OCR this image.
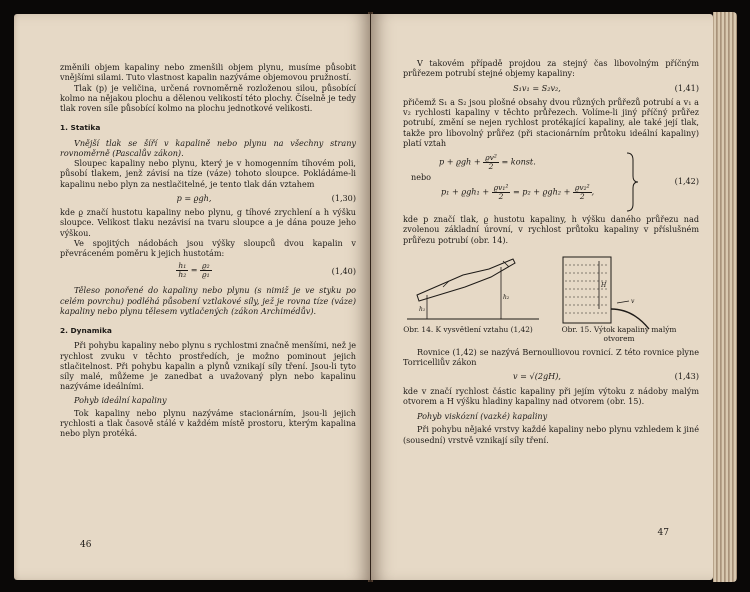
změnili objem kapaliny nebo zmenšili objem plynu, musíme působit vnějšími silami. Tuto vlastnost kapalin nazýváme objemovou pružností.

Tlak (p) je veličina, určená rovnoměrně rozloženou silou, působící kolmo na nějakou plochu a dělenou velikostí této plochy. Číselně je tedy tlak roven síle působící kolmo na plochu jednotkové velikosti.

1. Statika

Vnější tlak se šíří v kapalině nebo plynu na všechny strany rovnoměrně (Pascalův zákon).

Sloupec kapaliny nebo plynu, který je v homogenním tíhovém poli, působí tlakem, jenž závisí na tíze (váze) tohoto sloupce. Pokládáme-li kapalinu nebo plyn za nestlačitelné, je tento tlak dán vztahem

p = ϱgh,	(1,30)

kde ϱ značí hustotu kapaliny nebo plynu, g tíhové zrychlení a h výšku sloupce. Velikost tlaku nezávisí na tvaru sloupce a je dána pouze jeho výškou.

Ve spojitých nádobách jsou výšky sloupců dvou kapalin v převráceném poměru k jejich hustotám:

$\frac{\text{h₁}}{\text{h₂}} = \frac{\text{ϱ₂}}{\text{ϱ₁}}$	(1,40)

Těleso ponořené do kapaliny nebo plynu (s nimiž je ve styku po celém povrchu) podléhá působení vztlakové síly, jež je rovna tíze (váze) kapaliny nebo plynu tělesem vytlačených (zákon Archimédův).

2. Dynamika

Při pohybu kapaliny nebo plynu s rychlostmi značně menšími, než je rychlost zvuku v těchto prostředích, je možno pominout jejich stlačitelnost. Při pohybu kapalin a plynů vznikají síly tření. Jsou-li tyto síly malé, můžeme je zanedbat a uvažovaný plyn nebo kapalinu nazýváme ideálními.

Pohyb ideální kapaliny

Tok kapaliny nebo plynu nazýváme stacionárním, jsou-li jejich rychlosti a tlak časově stálé v každém místě prostoru, kterým kapalina nebo plyn protéká.

46

V takovém případě projdou za stejný čas libovolným příčným průřezem potrubí stejné objemy kapaliny:

S₁v₁ = S₂v₂,	(1,41)

přičemž S₁ a S₂ jsou plošné obsahy dvou různých průřezů potrubí a v₁ a v₂ rychlosti kapaliny v těchto průřezech. Volíme-li jiný příčný průřez potrubí, změní se nejen rychlost protékající kapaliny, ale také její tlak, takže pro libovolný průřez (při stacionárním průtoku ideální kapaliny) platí vztah

$p + ϱgh + \frac{\text{ϱv²}}{2}$ = konst.
nebo
$p_1 + ϱgh_1 + \frac{\text{ϱv₁²}}{2} = p_2 + ϱgh_2 + \frac{\text{ϱv₂²}}{2}$ ,
(1,42)

kde p značí tlak, ϱ hustotu kapaliny, h výšku daného průřezu nad zvolenou základní úrovní, v rychlost průtoku kapaliny v příslušném průřezu potrubí (obr. 14).

h₁
h₂
H
v
Obr. 14. K vysvětlení vztahu (1,42)	Obr. 15. Výtok kapaliny malým otvorem

Rovnice (1,42) se nazývá Bernoulliovou rovnicí. Z této rovnice plyne Torricelliův zákon

v = √(2gH),	(1,43)

kde v značí rychlost částic kapaliny při jejím výtoku z nádoby malým otvorem a H výšku hladiny kapaliny nad otvorem (obr. 15).

Pohyb viskózní (vazké) kapaliny

Při pohybu nějaké vrstvy každé kapaliny nebo plynu vzhledem k jiné (sousední) vrstvě vznikají síly tření.

47
